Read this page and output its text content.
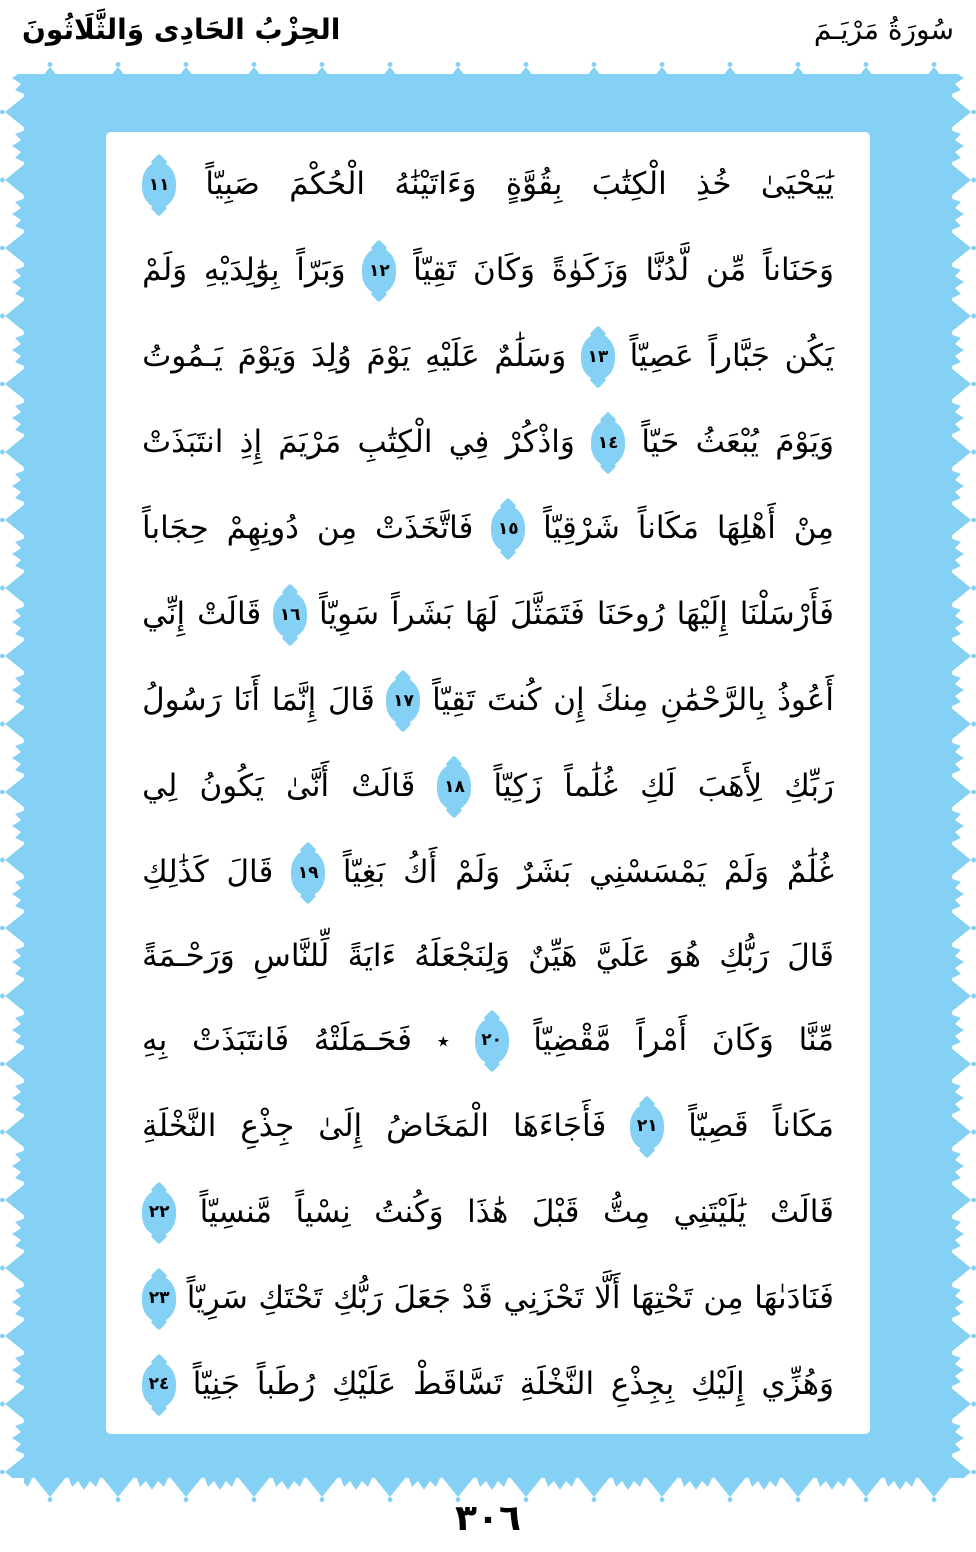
سُورَةُ مَرْيَـمَ
الحِزْبُ الحَادِى وَالثَّلَاثُونَ
يَٰيَحْيَىٰ
خُذِ
الْكِتَٰبَ
بِقُوَّةٍ
وَءَاتَيْنَٰهُ
الْحُكْمَ
صَبِيّاً
١١
وَحَنَاناً
مِّن
لَّدُنَّا
وَزَكَوٰةً
وَكَانَ
تَقِيّاً
١٢
وَبَرّاً
بِوَٰلِدَيْهِ
وَلَمْ
يَكُن
جَبَّاراً
عَصِيّاً
١٣
وَسَلَٰمٌ
عَلَيْهِ
يَوْمَ
وُلِدَ
وَيَوْمَ
يَـمُوتُ
وَيَوْمَ
يُبْعَثُ
حَيّاً
١٤
وَاذْكُرْ
فِي
الْكِتَٰبِ
مَرْيَمَ
إِذِ
انتَبَذَتْ
مِنْ
أَهْلِهَا
مَكَاناً
شَرْقِيّاً
١٥
فَاتَّخَذَتْ
مِن
دُونِهِمْ
حِجَاباً
فَأَرْسَلْنَا
إِلَيْهَا
رُوحَنَا
فَتَمَثَّلَ
لَهَا
بَشَراً
سَوِيّاً
١٦
قَالَتْ
إِنِّي
أَعُوذُ
بِالرَّحْمَٰنِ
مِنكَ
إِن
كُنتَ
تَقِيّاً
١٧
قَالَ
إِنَّمَا
أَنَا
رَسُولُ
رَبِّكِ
لِأَهَبَ
لَكِ
غُلَٰماً
زَكِيّاً
١٨
قَالَتْ
أَنَّىٰ
يَكُونُ
لِي
غُلَٰمٌ
وَلَمْ
يَمْسَسْنِي
بَشَرٌ
وَلَمْ
أَكُ
بَغِيّاً
١٩
قَالَ
كَذَٰلِكِ
قَالَ
رَبُّكِ
هُوَ
عَلَيَّ
هَيِّنٌ
وَلِنَجْعَلَهُ
ءَايَةً
لِّلنَّاسِ
وَرَحْـمَةً
مِّنَّا
وَكَانَ
أَمْراً
مَّقْضِيّاً
٢٠
٭
فَحَـمَلَتْهُ
فَانتَبَذَتْ
بِهِ
مَكَاناً
قَصِيّاً
٢١
فَأَجَاءَهَا
الْمَخَاضُ
إِلَىٰ
جِذْعِ
النَّخْلَةِ
قَالَتْ
يَٰلَيْتَنِي
مِتُّ
قَبْلَ
هَٰذَا
وَكُنتُ
نِسْياً
مَّنسِيّاً
٢٢
فَنَادَىٰهَا
مِن
تَحْتِهَا
أَلَّا
تَحْزَنِي
قَدْ
جَعَلَ
رَبُّكِ
تَحْتَكِ
سَرِيّاً
٢٣
وَهُزِّي
إِلَيْكِ
بِجِذْعِ
النَّخْلَةِ
تَسَّاقَطْ
عَلَيْكِ
رُطَباً
جَنِيّاً
٢٤
٣٠٦
